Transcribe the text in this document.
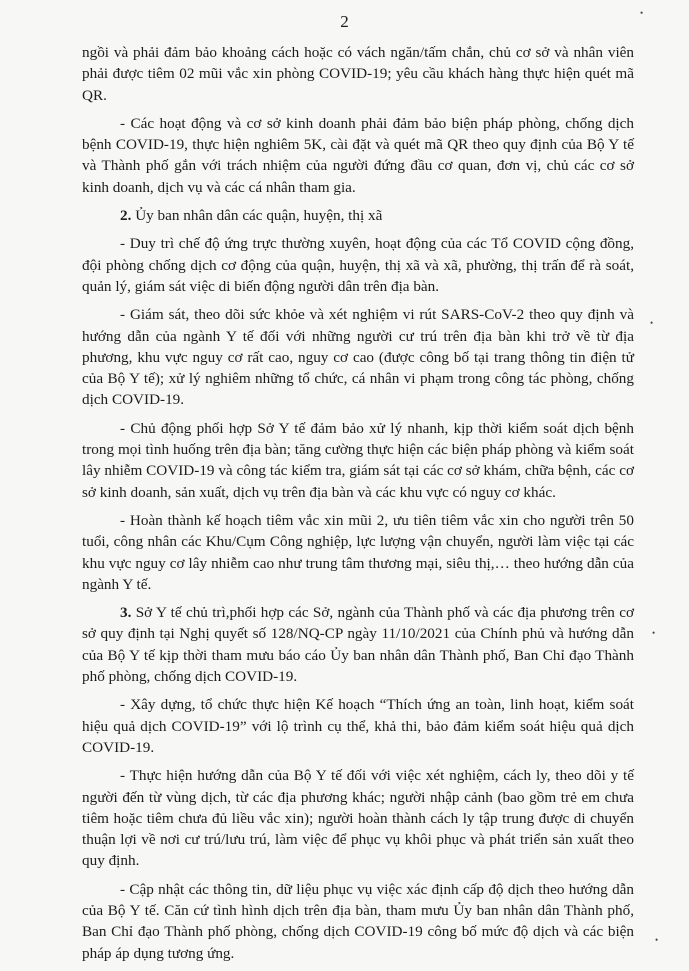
2

ngồi và phải đảm bảo khoảng cách hoặc có vách ngăn/tấm chắn, chủ cơ sở và nhân viên phải được tiêm 02 mũi vắc xin phòng COVID-19; yêu cầu khách hàng thực hiện quét mã QR.

- Các hoạt động và cơ sở kinh doanh phải đảm bảo biện pháp phòng, chống dịch bệnh COVID-19, thực hiện nghiêm 5K, cài đặt và quét mã QR theo quy định của Bộ Y tế và Thành phố gắn với trách nhiệm của người đứng đầu cơ quan, đơn vị, chủ các cơ sở kinh doanh, dịch vụ và các cá nhân tham gia.

2. Ủy ban nhân dân các quận, huyện, thị xã

- Duy trì chế độ ứng trực thường xuyên, hoạt động của các Tổ COVID cộng đồng, đội phòng chống dịch cơ động của quận, huyện, thị xã và xã, phường, thị trấn để rà soát, quản lý, giám sát việc di biến động người dân trên địa bàn.

- Giám sát, theo dõi sức khỏe và xét nghiệm vi rút SARS-CoV-2 theo quy định và hướng dẫn của ngành Y tế đối với những người cư trú trên địa bàn khi trở về từ địa phương, khu vực nguy cơ rất cao, nguy cơ cao (được công bố tại trang thông tin điện tử của Bộ Y tế); xử lý nghiêm những tổ chức, cá nhân vi phạm trong công tác phòng, chống dịch COVID-19.

- Chủ động phối hợp Sở Y tế đảm bảo xử lý nhanh, kịp thời kiểm soát dịch bệnh trong mọi tình huống trên địa bàn; tăng cường thực hiện các biện pháp phòng và kiểm soát lây nhiễm COVID-19 và công tác kiểm tra, giám sát tại các cơ sở khám, chữa bệnh, các cơ sở kinh doanh, sản xuất, dịch vụ trên địa bàn và các khu vực có nguy cơ khác.

- Hoàn thành kế hoạch tiêm vắc xin mũi 2, ưu tiên tiêm vắc xin cho người trên 50 tuổi, công nhân các Khu/Cụm Công nghiệp, lực lượng vận chuyển, người làm việc tại các khu vực nguy cơ lây nhiễm cao như trung tâm thương mại, siêu thị,… theo hướng dẫn của ngành Y tế.

3. Sở Y tế chủ trì,phối hợp các Sở, ngành của Thành phố và các địa phương trên cơ sở quy định tại Nghị quyết số 128/NQ-CP ngày 11/10/2021 của Chính phủ và hướng dẫn của Bộ Y tế kịp thời tham mưu báo cáo Ủy ban nhân dân Thành phố, Ban Chỉ đạo Thành phố phòng, chống dịch COVID-19.

- Xây dựng, tổ chức thực hiện Kế hoạch “Thích ứng an toàn, linh hoạt, kiểm soát hiệu quả dịch COVID-19” với lộ trình cụ thể, khả thi, bảo đảm kiểm soát hiệu quả dịch COVID-19.

- Thực hiện hướng dẫn của Bộ Y tế đối với việc xét nghiệm, cách ly, theo dõi y tế người đến từ vùng dịch, từ các địa phương khác; người nhập cảnh (bao gồm trẻ em chưa tiêm hoặc tiêm chưa đủ liều vắc xin); người hoàn thành cách ly tập trung được di chuyển thuận lợi về nơi cư trú/lưu trú, làm việc để phục vụ khôi phục và phát triển sản xuất theo quy định.

- Cập nhật các thông tin, dữ liệu phục vụ việc xác định cấp độ dịch theo hướng dẫn của Bộ Y tế. Căn cứ tình hình dịch trên địa bàn, tham mưu Ủy ban nhân dân Thành phố, Ban Chỉ đạo Thành phố phòng, chống dịch COVID-19 công bố mức độ dịch và các biện pháp áp dụng tương ứng.

•
•
•
•
